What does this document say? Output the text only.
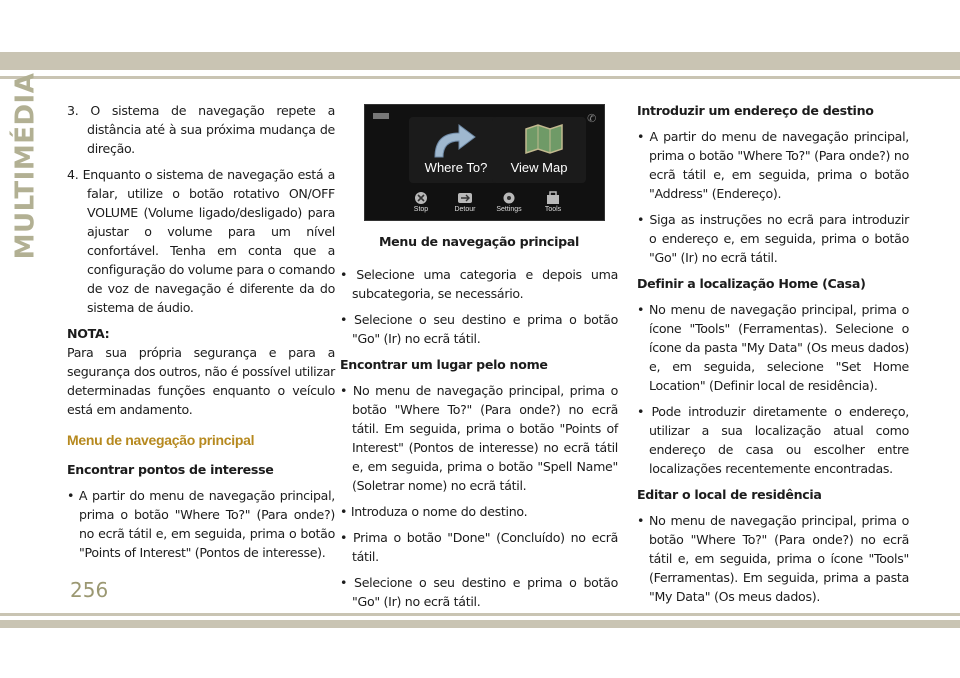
MULTIMÉDIA 3. O sistema de navegação repete a distância até à sua próxima mudança de direção.

4. Enquanto o sistema de navegação está a falar, utilize o botão rotativo ON/OFF VOLUME (Volume ligado/desligado) para ajustar o volume para um nível confortável. Tenha em conta que a configuração do volume para o comando de voz de navegação é diferente da do sistema de áudio.

NOTA:

Para sua própria segurança e para a segurança dos outros, não é possível utilizar determinadas funções enquanto o veículo está em andamento.

Menu de navegação principal

Encontrar pontos de interesse

• A partir do menu de navegação principal, prima o botão "Where To?" (Para onde?) no ecrã tátil e, em seguida, prima o botão "Points of Interest" (Pontos de interesse).

✆
Where To?	View Map
Stop	Detour	Settings	Tools

Menu de navegação principal

• Selecione uma categoria e depois uma subcategoria, se necessário.

• Selecione o seu destino e prima o botão "Go" (Ir) no ecrã tátil.

Encontrar um lugar pelo nome

• No menu de navegação principal, prima o botão "Where To?" (Para onde?) no ecrã tátil. Em seguida, prima o botão "Points of Interest" (Pontos de interesse) no ecrã tátil e, em seguida, prima o botão "Spell Name" (Soletrar nome) no ecrã tátil.

• Introduza o nome do destino.

• Prima o botão "Done" (Concluído) no ecrã tátil.

• Selecione o seu destino e prima o botão "Go" (Ir) no ecrã tátil.

Introduzir um endereço de destino

• A partir do menu de navegação principal, prima o botão "Where To?" (Para onde?) no ecrã tátil e, em seguida, prima o botão "Address" (Endereço).

• Siga as instruções no ecrã para introduzir o endereço e, em seguida, prima o botão "Go" (Ir) no ecrã tátil.

Definir a localização Home (Casa)

• No menu de navegação principal, prima o ícone "Tools" (Ferramentas). Selecione o ícone da pasta "My Data" (Os meus dados) e, em seguida, selecione "Set Home Location" (Definir local de residência).

• Pode introduzir diretamente o endereço, utilizar a sua localização atual como endereço de casa ou escolher entre localizações recentemente encontradas.

Editar o local de residência

• No menu de navegação principal, prima o botão "Where To?" (Para onde?) no ecrã tátil e, em seguida, prima o ícone "Tools" (Ferramentas). Em seguida, prima a pasta "My Data" (Os meus dados).

256
